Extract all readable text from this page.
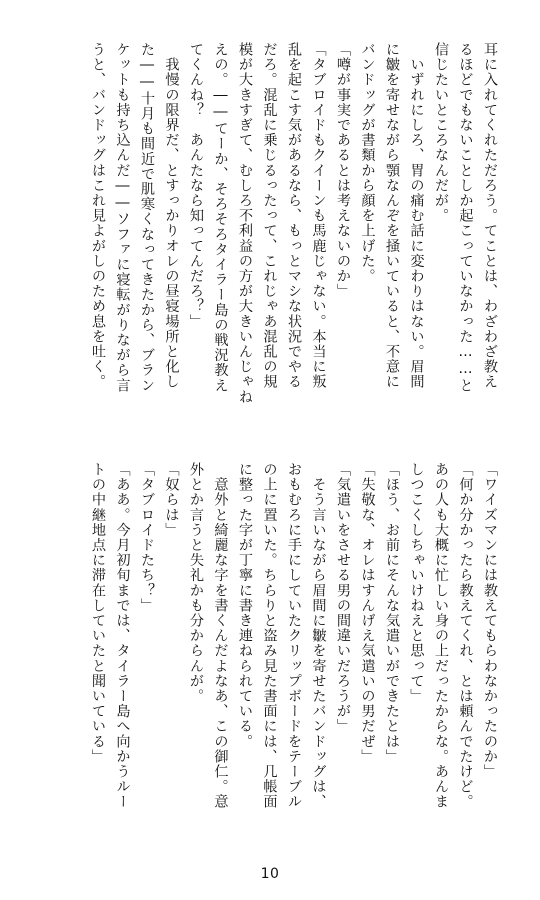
耳に入れてくれただろう。てことは、わざわざ教え
るほどでもないことしか起こっていなかった……と
信じたいところなんだが。
　いずれにしろ、胃の痛む話に変わりはない。眉間
に皺を寄せながら顎なんぞを掻いていると、不意に
バンドッグが書類から顔を上げた。
「噂が事実であるとは考えないのか」
「タブロイドもクイーンも馬鹿じゃない。本当に叛
乱を起こす気があるなら、もっとマシな状況でやる
だろ。混乱に乗じるったって、これじゃあ混乱の規
模が大きすぎて、むしろ不利益の方が大きいんじゃね
えの。――てーか、そろそろタイラー島の戦況教え
てくんね？　あんたなら知ってんだろ？」
　我慢の限界だ、とすっかりオレの昼寝場所と化し
た――十月も間近で肌寒くなってきたから、ブラン
ケットも持ち込んだ――ソファに寝転がりながら言
うと、バンドッグはこれ見よがしのため息を吐く。
「ワイズマンには教えてもらわなかったのか」
「何か分かったら教えてくれ、とは頼んでたけど。
あの人も大概に忙しい身の上だったからな。あんま
しつこくしちゃいけねえと思って」
「ほう、お前にそんな気遣いができたとは」
「失敬な、オレはすんげえ気遣いの男だぜ」
「気遣いをさせる男の間違いだろうが」
　そう言いながら眉間に皺を寄せたバンドッグは、
おもむろに手にしていたクリップボードをテーブル
の上に置いた。ちらりと盗み見た書面には、几帳面
に整った字が丁寧に書き連ねられている。
　意外と綺麗な字を書くんだよなあ、この御仁。意
外とか言うと失礼かも分からんが。
「奴らは」
「タブロイドたち？」
「ああ。今月初旬までは、タイラー島へ向かうルー
トの中継地点に滞在していたと聞いている」
10
